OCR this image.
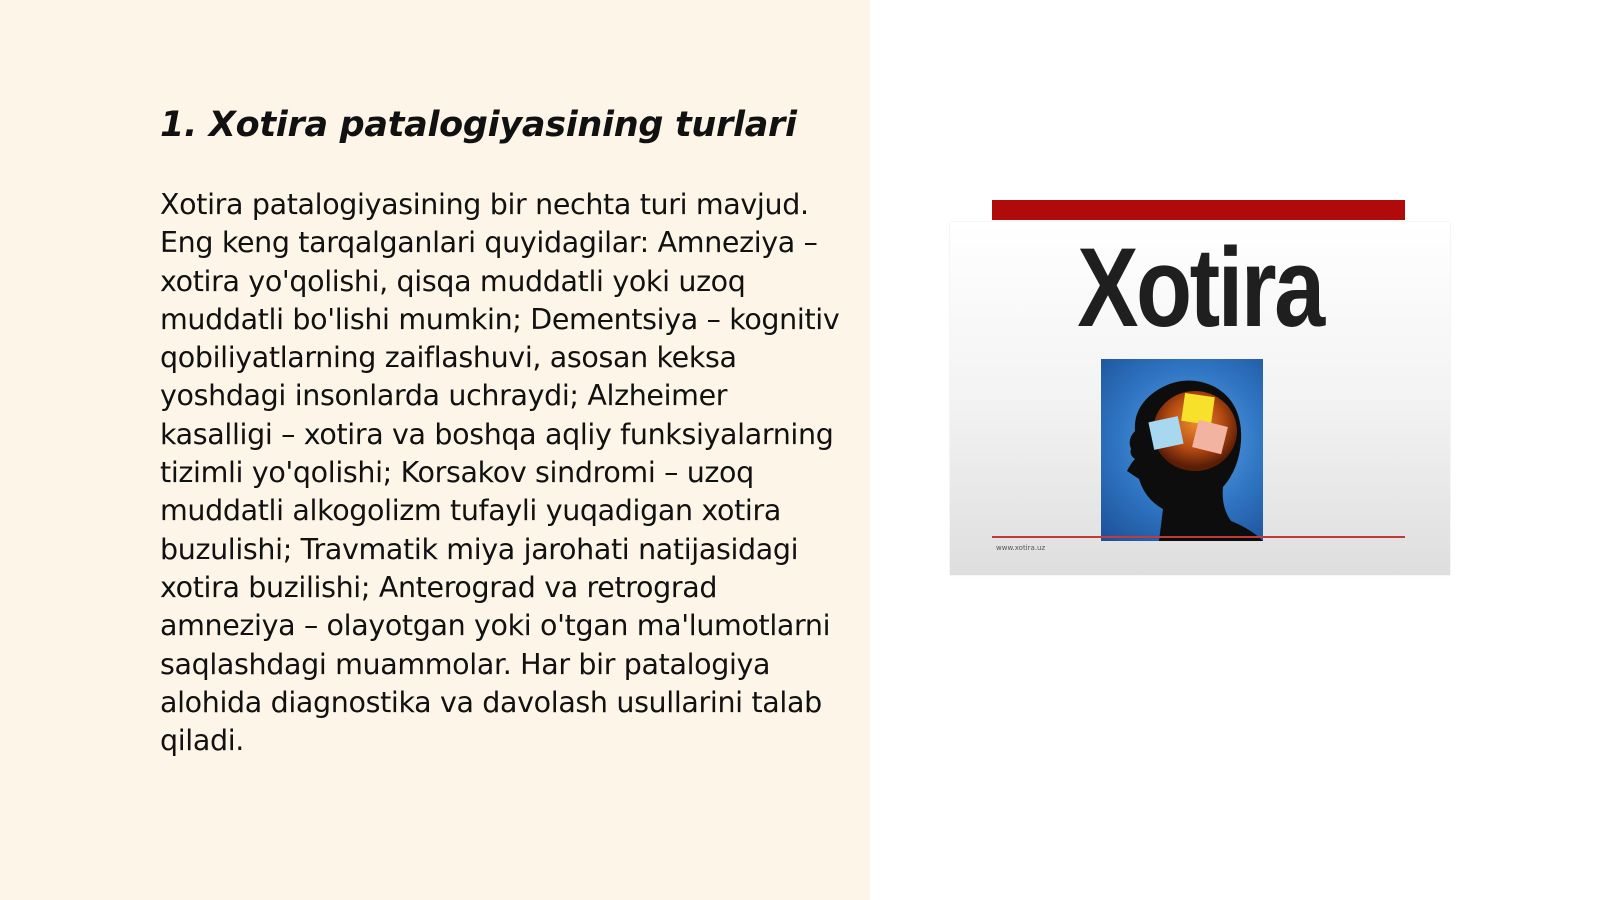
1. Xotira patalogiyasining turlari

Xotira patalogiyasining bir nechta turi mavjud. Eng keng tarqalganlari quyidagilar: Amneziya – xotira yo'qolishi, qisqa muddatli yoki uzoq muddatli bo'lishi mumkin; Dementsiya – kognitiv qobiliyatlarning zaiflashuvi, asosan keksa yoshdagi insonlarda uchraydi; Alzheimer kasalligi – xotira va boshqa aqliy funksiyalarning tizimli yo'qolishi; Korsakov sindromi – uzoq muddatli alkogolizm tufayli yuqadigan xotira buzulishi; Travmatik miya jarohati natijasidagi xotira buzilishi; Anterograd va retrograd amneziya – olayotgan yoki o'tgan ma'lumotlarni saqlashdagi muammolar. Har bir patalogiya alohida diagnostika va davolash usullarini talab qiladi.

Xotira
www.xotira.uz
